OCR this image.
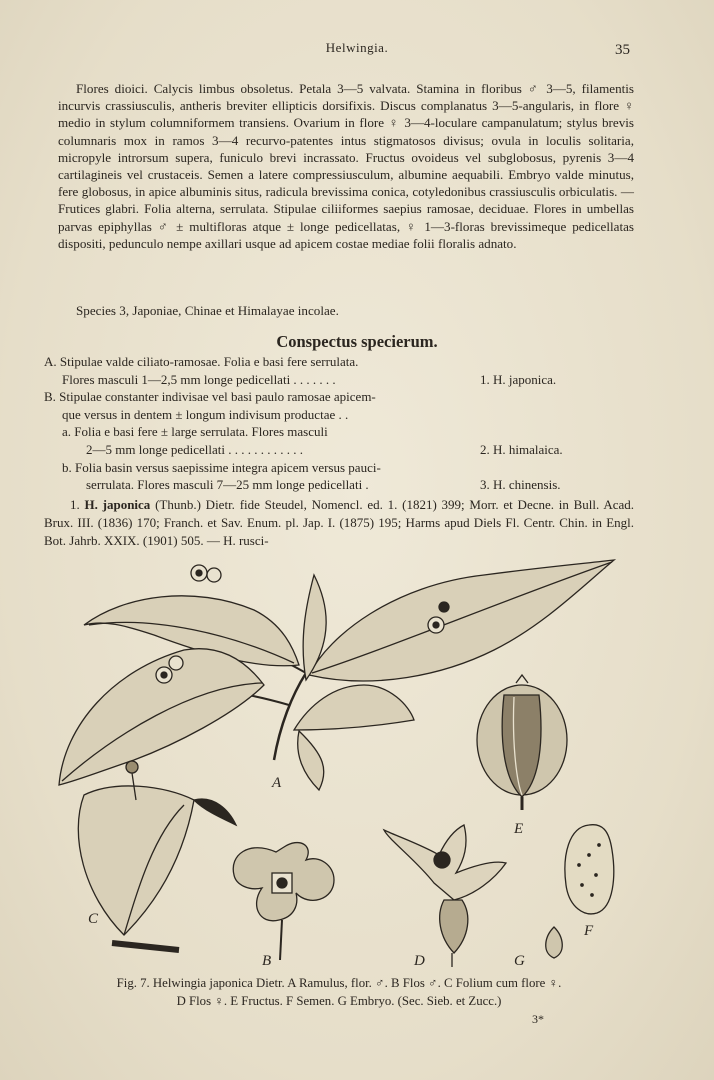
Helwingia.	35
Flores dioici. Calycis limbus obsoletus. Petala 3—5 valvata. Stamina in floribus ♂ 3—5, filamentis incurvis crassiusculis, antheris breviter ellipticis dorsifixis. Discus complanatus 3—5-angularis, in flore ♀ medio in stylum columniformem transiens. Ovarium in flore ♀ 3—4-loculare campanulatum; stylus brevis columnaris mox in ramos 3—4 recurvo-patentes intus stigmatosos divisus; ovula in loculis solitaria, micropyle introrsum supera, funiculo brevi incrassato. Fructus ovoideus vel subglobosus, pyrenis 3—4 cartilagineis vel crustaceis. Semen a latere compressiusculum, albumine aequabili. Embryo valde minutus, fere globosus, in apice albuminis situs, radicula brevissima conica, cotyledonibus crassiusculis orbiculatis. — Frutices glabri. Folia alterna, serrulata. Stipulae ciliiformes saepius ramosae, deciduae. Flores in umbellas parvas epiphyllas ♂ ± multifloras atque ± longe pedicellatas, ♀ 1—3-floras brevissimeque pedicellatas dispositi, pedunculo nempe axillari usque ad apicem costae mediae folii floralis adnato.
Species 3, Japoniae, Chinae et Himalayae incolae.
Conspectus specierum.
A. Stipulae valde ciliato-ramosae. Folia e basi fere serrulata.
Flores masculi 1—2,5 mm longe pedicellati . . . . . . .	1. H. japonica.
B. Stipulae constanter indivisae vel basi paulo ramosae apicem-
que versus in dentem ± longum indivisum productae . .
a. Folia e basi fere ± large serrulata. Flores masculi
2—5 mm longe pedicellati . . . . . . . . . . . .	2. H. himalaica.
b. Folia basin versus saepissime integra apicem versus pauci-
serrulata. Flores masculi 7—25 mm longe pedicellati .	3. H. chinensis.
1. H. japonica (Thunb.) Dietr. fide Steudel, Nomencl. ed. 1. (1821) 399; Morr. et Decne. in Bull. Acad. Brux. III. (1836) 170; Franch. et Sav. Enum. pl. Jap. I. (1875) 195; Harms apud Diels Fl. Centr. Chin. in Engl. Bot. Jahrb. XXIX. (1901) 505. — H. rusci-
A
B
C
D
E
F
G
Fig. 7. Helwingia japonica Dietr. A Ramulus, flor. ♂. B Flos ♂. C Folium cum flore ♀.
D Flos ♀. E Fructus. F Semen. G Embryo. (Sec. Sieb. et Zucc.)
3*
